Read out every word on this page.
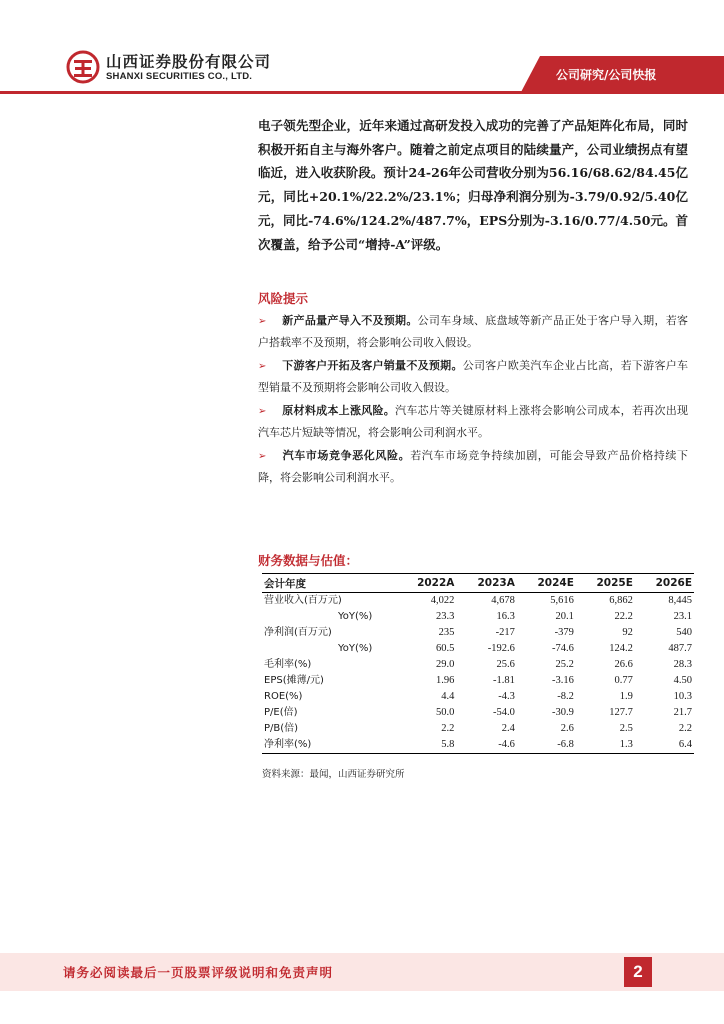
山西证券股份有限公司
SHANXI SECURITIES CO., LTD.	公司研究/公司快报

电子领先型企业，近年来通过高研发投入成功的完善了产品矩阵化布局，同时积极开拓自主与海外客户。随着之前定点项目的陆续量产，公司业绩拐点有望临近，进入收获阶段。预计24-26年公司营收分别为56.16/68.62/84.45亿元，同比+20.1%/22.2%/23.1%；归母净利润分别为-3.79/0.92/5.40亿元，同比-74.6%/124.2%/487.7%，EPS分别为-3.16/0.77/4.50元。首次覆盖，给予公司“增持-A”评级。

风险提示
➢ 新产品量产导入不及预期。公司车身域、底盘域等新产品正处于客户导入期，若客户搭载率不及预期，将会影响公司收入假设。
➢ 下游客户开拓及客户销量不及预期。公司客户欧美汽车企业占比高，若下游客户车型销量不及预期将会影响公司收入假设。
➢ 原材料成本上涨风险。汽车芯片等关键原材料上涨将会影响公司成本，若再次出现汽车芯片短缺等情况，将会影响公司利润水平。
➢ 汽车市场竞争恶化风险。若汽车市场竞争持续加剧，可能会导致产品价格持续下降，将会影响公司利润水平。
财务数据与估值：
会计年度	2022A	2023A	2024E	2025E	2026E
营业收入(百万元)	4,022	4,678	5,616	6,862	8,445
YoY(%)	23.3	16.3	20.1	22.2	23.1
净利润(百万元)	235	-217	-379	92	540
YoY(%)	60.5	-192.6	-74.6	124.2	487.7
毛利率(%)	29.0	25.6	25.2	26.6	28.3
EPS(摊薄/元)	1.96	-1.81	-3.16	0.77	4.50
ROE(%)	4.4	-4.3	-8.2	1.9	10.3
P/E(倍)	50.0	-54.0	-30.9	127.7	21.7
P/B(倍)	2.2	2.4	2.6	2.5	2.2
净利率(%)	5.8	-4.6	-6.8	1.3	6.4
资料来源：最闻，山西证券研究所
请务必阅读最后一页股票评级说明和免责声明	2
